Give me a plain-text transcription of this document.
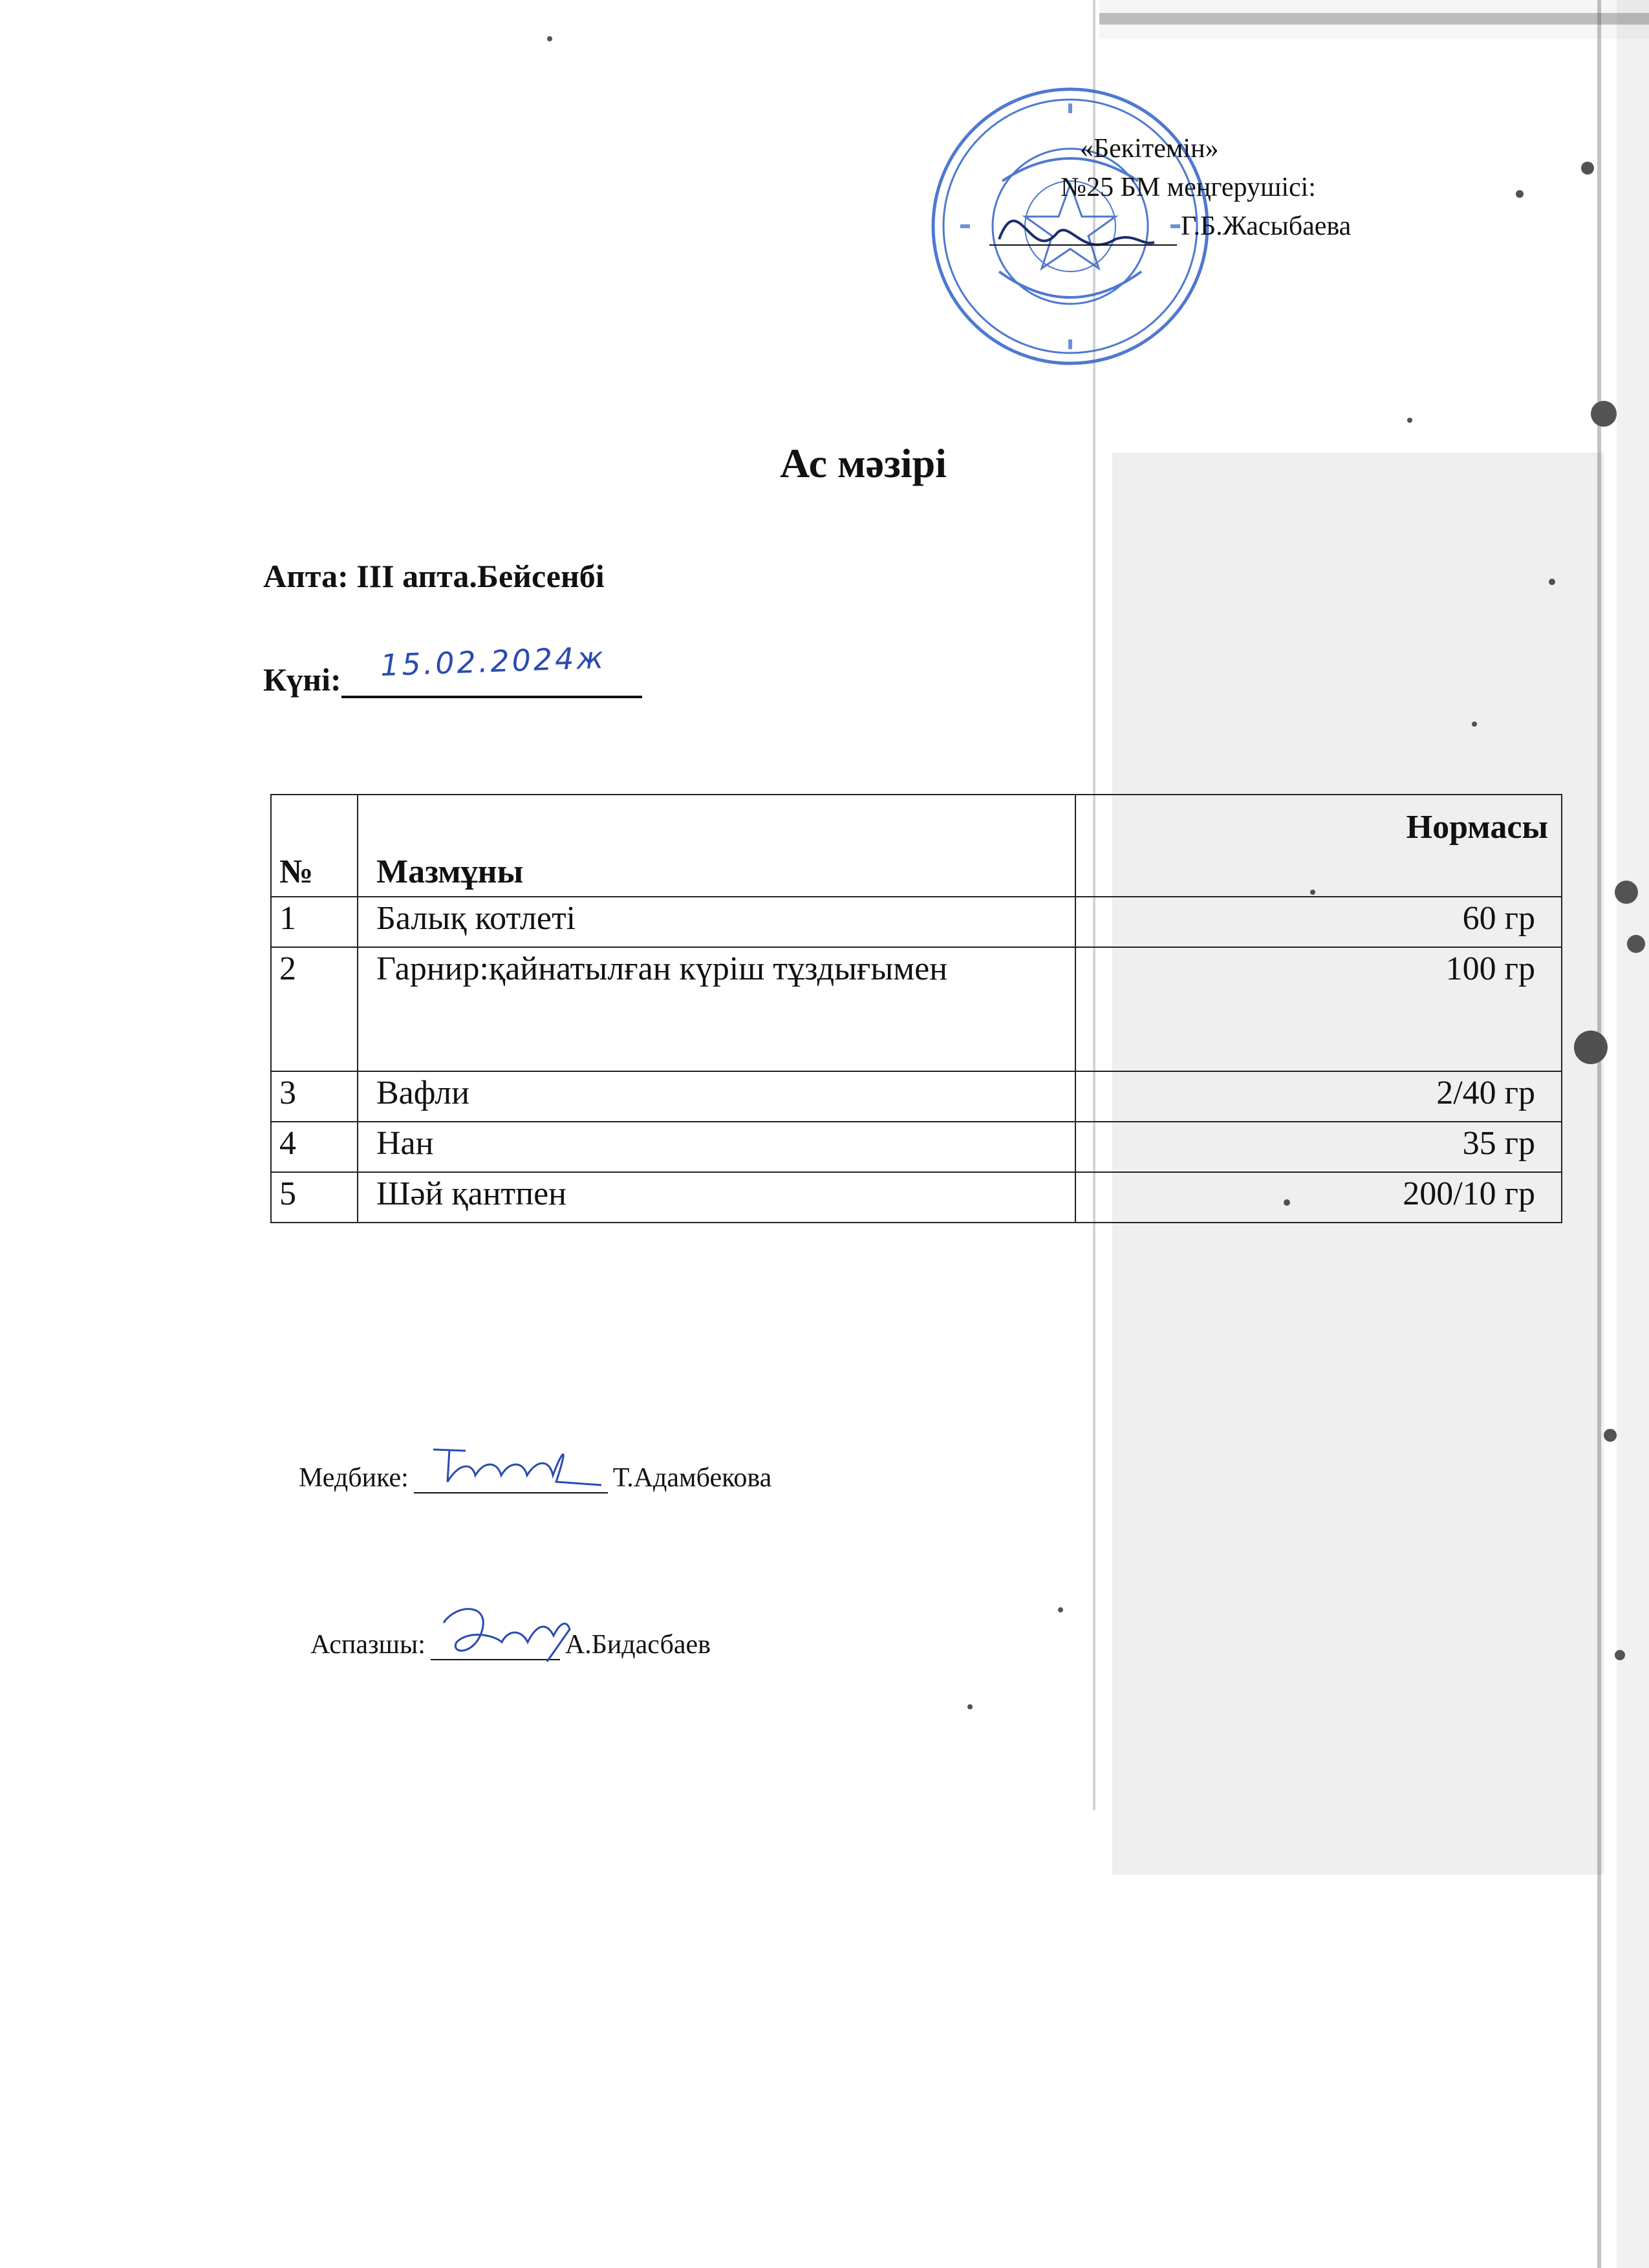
«Бекітемін»
№25 БМ меңгерушісі:
Г.Б.Жасыбаева
Ас мәзірі
Апта: III апта.Бейсенбі
Күні: 15.02.2024ж
№	Мазмұны	Нормасы
1	Балық котлеті	60 гр
2	Гарнир:қайнатылған күріш тұздығымен	100 гр
3	Вафли	2/40 гр
4	Нан	35 гр
5	Шәй қантпен	200/10 гр
Медбике:	Т.Адамбекова
Аспазшы:	А.Бидасбаев
